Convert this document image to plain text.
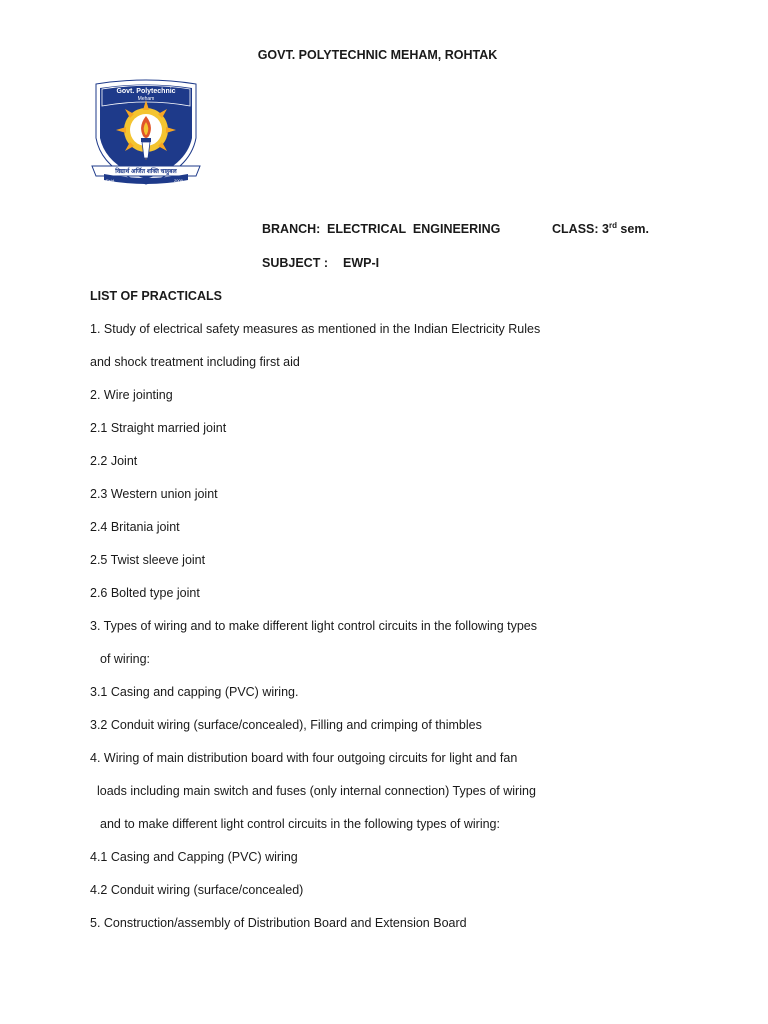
GOVT. POLYTECHNIC MEHAM, ROHTAK
Govt. Polytechnic
Meham
विद्यार्थ अर्जित शक्ति चाहुबल
Estd.	2009
BRANCH: ELECTRICAL  ENGINEERING	CLASS: 3rd sem.
SUBJECT : EWP-I
LIST OF PRACTICALS
1. Study of electrical safety measures as mentioned in the Indian Electricity Rules
and shock treatment including first aid
2. Wire jointing
2.1 Straight married joint
2.2 Joint
2.3 Western union joint
2.4 Britania joint
2.5 Twist sleeve joint
2.6 Bolted type joint
3. Types of wiring and to make different light control circuits in the following types
of wiring:
3.1 Casing and capping (PVC) wiring.
3.2 Conduit wiring (surface/concealed), Filling and crimping of thimbles
4. Wiring of main distribution board with four outgoing circuits for light and fan
loads including main switch and fuses (only internal connection) Types of wiring
and to make different light control circuits in the following types of wiring:
4.1 Casing and Capping (PVC) wiring
4.2 Conduit wiring (surface/concealed)
5. Construction/assembly of Distribution Board and Extension Board
